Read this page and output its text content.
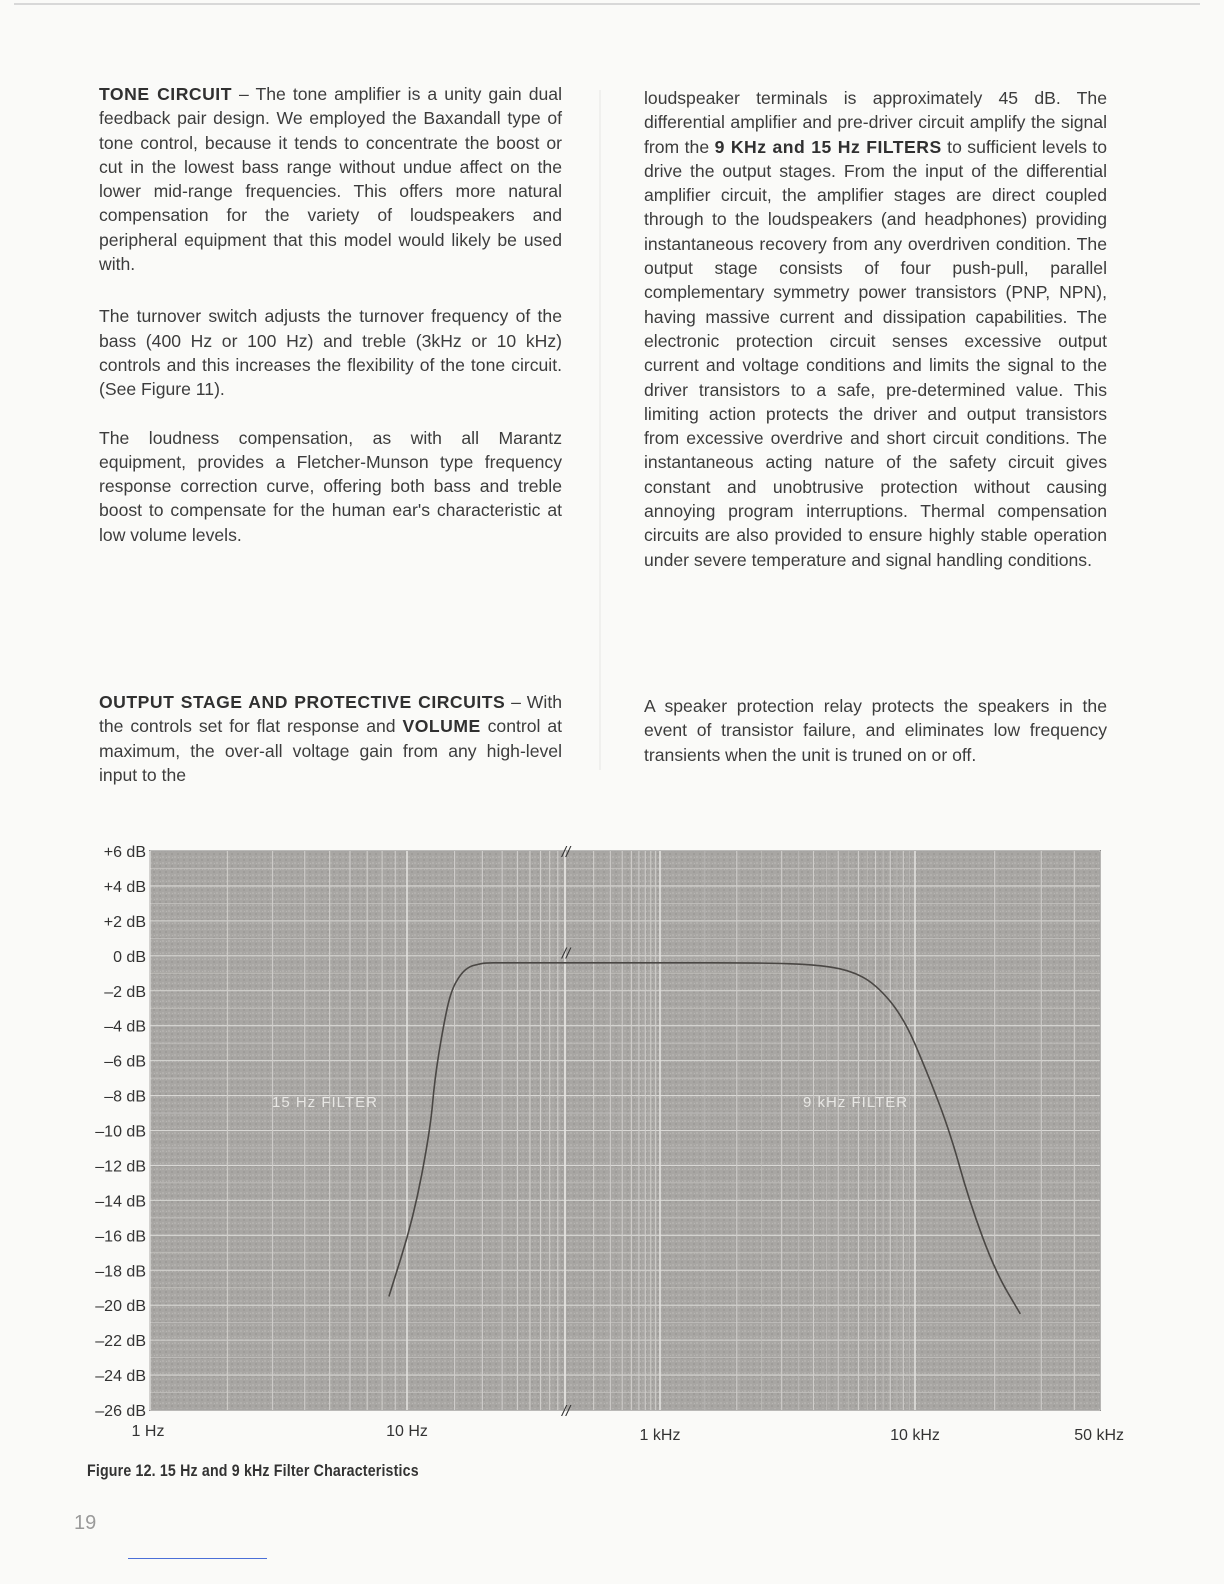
TONE CIRCUIT – The tone amplifier is a unity gain dual feedback pair design. We employed the Baxandall type of tone control, because it tends to concentrate the boost or cut in the lowest bass range without undue affect on the lower mid-range frequencies. This offers more natural compensation for the variety of loudspeakers and peripheral equipment that this model would likely be used with.

The turnover switch adjusts the turnover frequency of the bass (400 Hz or 100 Hz) and treble (3kHz or 10 kHz) controls and this increases the flexibility of the tone circuit. (See Figure 11).

The loudness compensation, as with all Marantz equipment, provides a Fletcher-Munson type frequency response correction curve, offering both bass and treble boost to compensate for the human ear's characteristic at low volume levels.

loudspeaker terminals is approximately 45 dB. The differential amplifier and pre-driver circuit amplify the signal from the 9 KHz and 15 Hz FILTERS to sufficient levels to drive the output stages. From the input of the differential amplifier circuit, the amplifier stages are direct coupled through to the loudspeakers (and headphones) providing instantaneous recovery from any overdriven condition. The output stage consists of four push-pull, parallel complementary symmetry power transistors (PNP, NPN), having massive current and dissipation capabilities. The electronic protection circuit senses excessive output current and voltage conditions and limits the signal to the driver transistors to a safe, pre-determined value. This limiting action protects the driver and output transistors from excessive overdrive and short circuit conditions. The instantaneous acting nature of the safety circuit gives constant and unobtrusive protection without causing annoying program interruptions. Thermal compensation circuits are also provided to ensure highly stable operation under severe temperature and signal handling conditions.

OUTPUT STAGE AND PROTECTIVE CIRCUITS – With the controls set for flat response and VOLUME control at maximum, the over-all voltage gain from any high-level input to the

A speaker protection relay protects the speakers in the event of transistor failure, and eliminates low frequency transients when the unit is truned on or off.

15 Hz FILTER	9 kHz FILTER
+6 dB
+4 dB
+2 dB
0 dB
–2 dB
–4 dB
–6 dB
–8 dB
–10 dB
–12 dB
–14 dB
–16 dB
–18 dB
–20 dB
–22 dB
–24 dB
–26 dB
1 Hz	10 Hz	1 kHz	10 kHz	50 kHz
//
//
//
Figure 12. 15 Hz and 9 kHz Filter Characteristics
19
